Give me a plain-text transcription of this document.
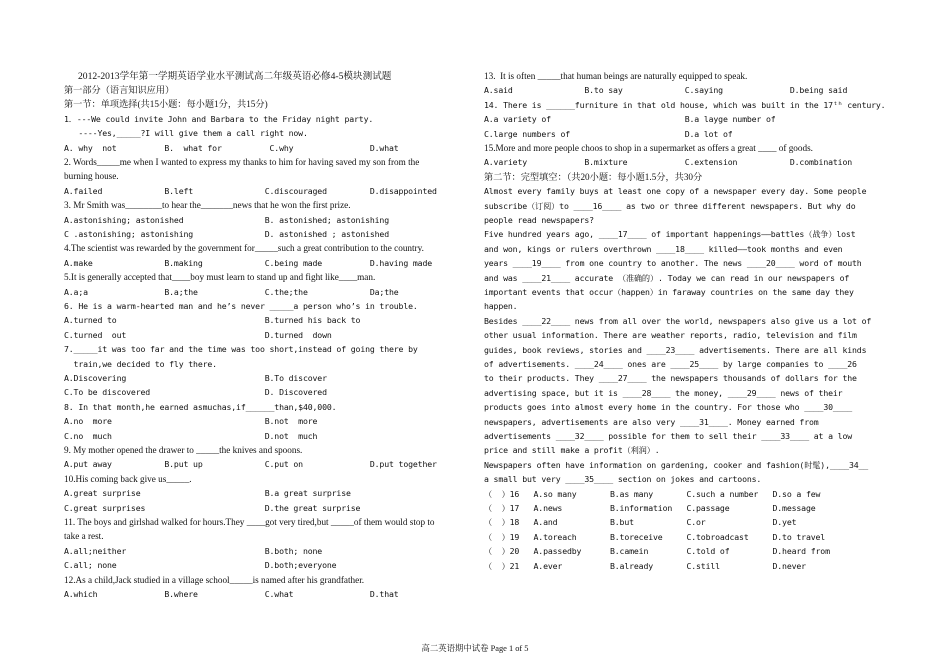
2012-2013学年第一学期英语学业水平测试高二年级英语必修4-5模块测试题
第一部分（语言知识应用）
第一节：单项选择(共15小题：每小题1分，共15分)
1．---We could invite John and Barbara to the Friday night party.
----Yes,_____?I will give them a call right now.
A. why  not          B.  what for          C.why                D.what
2. Words_____me when I wanted to express my thanks to him for having saved my son from the
burning house.
A.failed             B.left               C.discouraged         D.disappointed
3. Mr Smith was________to hear the_______news that he won the first prize.
A.astonishing; astonished                 B. astonished; astonishing
C .astonishing; astonishing               D. astonished ; astonished
4.The scientist was rewarded by the government for_____such a great contribution to the country.
A.make               B.making             C.being made          D.having made
5.It is generally accepted that____boy must learn to stand up and fight like____man.
A.a;a                B.a;the              C.the;the             Da;the
6. He is a warm-hearted man and he’s never _____a person who’s in trouble.
A.turned to                               B.turned his back to
C.turned  out                             D.turned  down
7._____it was too far and the time was too short,instead of going there by
train,we decided to fly there.
A.Discovering                             B.To discover
C.To be discovered                        D. Discovered
8. In that month,he earned asmuchas,if______than,$40,000.
A.no  more                                B.not  more
C.no  much                                D.not  much
9. My mother opened the drawer to _____the knives and spoons.
A.put away           B.put up             C.put on              D.put together
10.His coming back give us_____.
A.great surprise                          B.a great surprise
C.great surprises                         D.the great surprise
11. The boys and girlshad walked for hours.They ____got very tired,but _____of them would stop to
take a rest.
A.all;neither                             B.both; none
C.all; none                               D.both;everyone
12.As a child,Jack studied in a village school_____is named after his grandfather.
A.which              B.where              C.what                D.that
13.  It is often _____that human beings are naturally equipped to speak.
A.said               B.to say             C.saying              D.being said
14. There is ______furniture in that old house, which was built in the 17ᵗʰ century.
A.a variety of                            B.a layge number of
C.large numbers of                        D.a lot of
15.More and more people choos to shop in a supermarket as offers a great ____ of goods.
A.variety            B.mixture            C.extension           D.combination
第二节：完型填空：（共20小题：每小题1.5分，共30分
Almost every family buys at least one copy of a newspaper every day. Some people
subscribe（订阅）to ____16____ as two or three different newspapers. But why do
people read newspapers?
Five hundred years ago, ____17____ of important happenings——battles（战争）lost
and won, kings or rulers overthrown ____18____ killed——took months and even
years ____19____ from one country to another. The news ____20____ word of mouth
and was ____21____ accurate （准确的）. Today we can read in our newspapers of
important events that occur（happen）in faraway countries on the same day they
happen.
Besides ____22____ news from all over the world, newspapers also give us a lot of
other usual information. There are weather reports, radio, television and film
guides, book reviews, stories and ____23____ advertisements. There are all kinds
of advertisements. ____24____ ones are ____25____ by large companies to ____26
to their products. They ____27____ the newspapers thousands of dollars for the
advertising space, but it is ____28____ the money, ____29____ news of their
products goes into almost every home in the country. For those who ____30____
newspapers, advertisements are also very ____31____. Money earned from
advertisements ____32____ possible for them to sell their ____33____ at a low
price and still make a profit（利润）.
Newspapers often have information on gardening, cooker and fashion(时髦),____34__
a small but very ____35____ section on jokes and cartoons.
（  ）16   A.so many       B.as many       C.such a number   D.so a few
（  ）17   A.news          B.information   C.passage         D.message
（  ）18   A.and           B.but           C.or              D.yet
（  ）19   A.toreach       B.toreceive     C.tobroadcast     D.to travel
（  ）20   A.passedby      B.camein        C.told of         D.heard from
（  ）21   A.ever          B.already       C.still           D.never
高二英语期中试卷 Page 1 of 5
